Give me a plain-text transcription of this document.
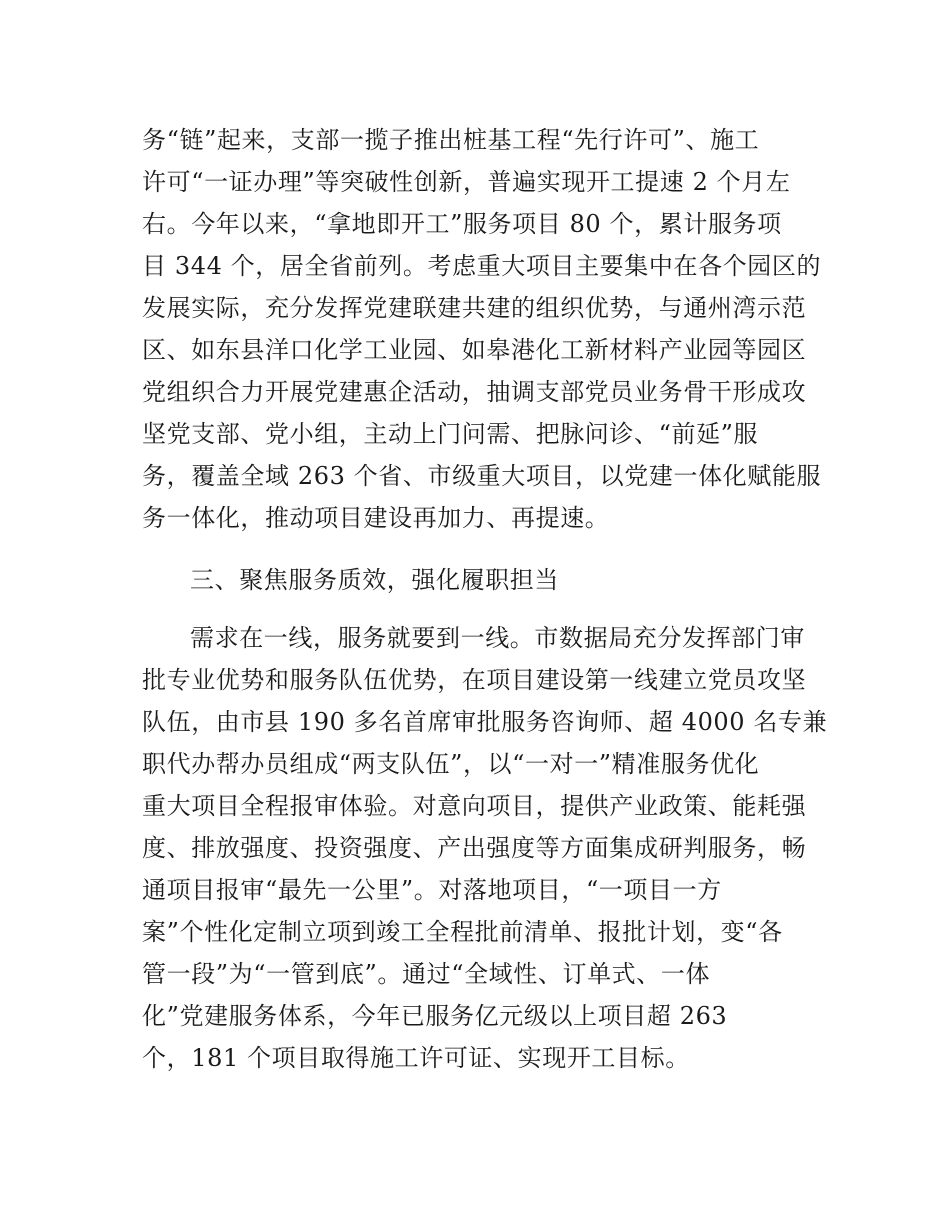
务“链”起来，支部一揽子推出桩基工程“先行许可”、施工
许可“一证办理”等突破性创新，普遍实现开工提速 2 个月左
右。今年以来，“拿地即开工”服务项目 80 个，累计服务项
目 344 个，居全省前列。考虑重大项目主要集中在各个园区的
发展实际，充分发挥党建联建共建的组织优势，与通州湾示范
区、如东县洋口化学工业园、如皋港化工新材料产业园等园区
党组织合力开展党建惠企活动，抽调支部党员业务骨干形成攻
坚党支部、党小组，主动上门问需、把脉问诊、“前延”服
务，覆盖全域 263 个省、市级重大项目，以党建一体化赋能服
务一体化，推动项目建设再加力、再提速。
三、聚焦服务质效，强化履职担当
需求在一线，服务就要到一线。市数据局充分发挥部门审
批专业优势和服务队伍优势，在项目建设第一线建立党员攻坚
队伍，由市县 190 多名首席审批服务咨询师、超 4000 名专兼
职代办帮办员组成“两支队伍”，以“一对一”精准服务优化
重大项目全程报审体验。对意向项目，提供产业政策、能耗强
度、排放强度、投资强度、产出强度等方面集成研判服务，畅
通项目报审“最先一公里”。对落地项目，“一项目一方
案”个性化定制立项到竣工全程批前清单、报批计划，变“各
管一段”为“一管到底”。通过“全域性、订单式、一体
化”党建服务体系，今年已服务亿元级以上项目超 263
个，181 个项目取得施工许可证、实现开工目标。
